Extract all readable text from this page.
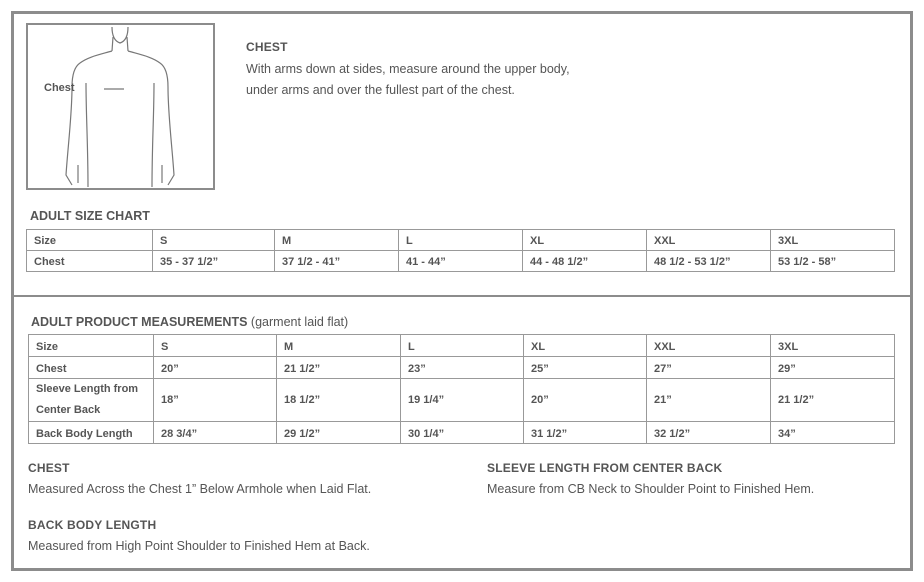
Chest
CHEST
With arms down at sides, measure around the upper body,
under arms and over the fullest part of the chest.
ADULT SIZE CHART
Size	S	M	L	XL	XXL	3XL
Chest	35 - 37 1/2”	37 1/2 - 41”	41 - 44”	44 - 48 1/2”	48 1/2 - 53 1/2”	53 1/2 - 58”
ADULT PRODUCT MEASUREMENTS (garment laid flat)
Size	S	M	L	XL	XXL	3XL
Chest	20”	21 1/2”	23”	25”	27”	29”

Sleeve Length from
Center Back	18”	18 1/2”	19 1/4”	20”	21”	21 1/2”
Back Body Length	28 3/4”	29 1/2”	30 1/4”	31 1/2”	32 1/2”	34”
CHEST
Measured Across the Chest 1” Below Armhole when Laid Flat.
SLEEVE LENGTH FROM CENTER BACK
Measure from CB Neck to Shoulder Point to Finished Hem.
BACK BODY LENGTH
Measured from High Point Shoulder to Finished Hem at Back.
